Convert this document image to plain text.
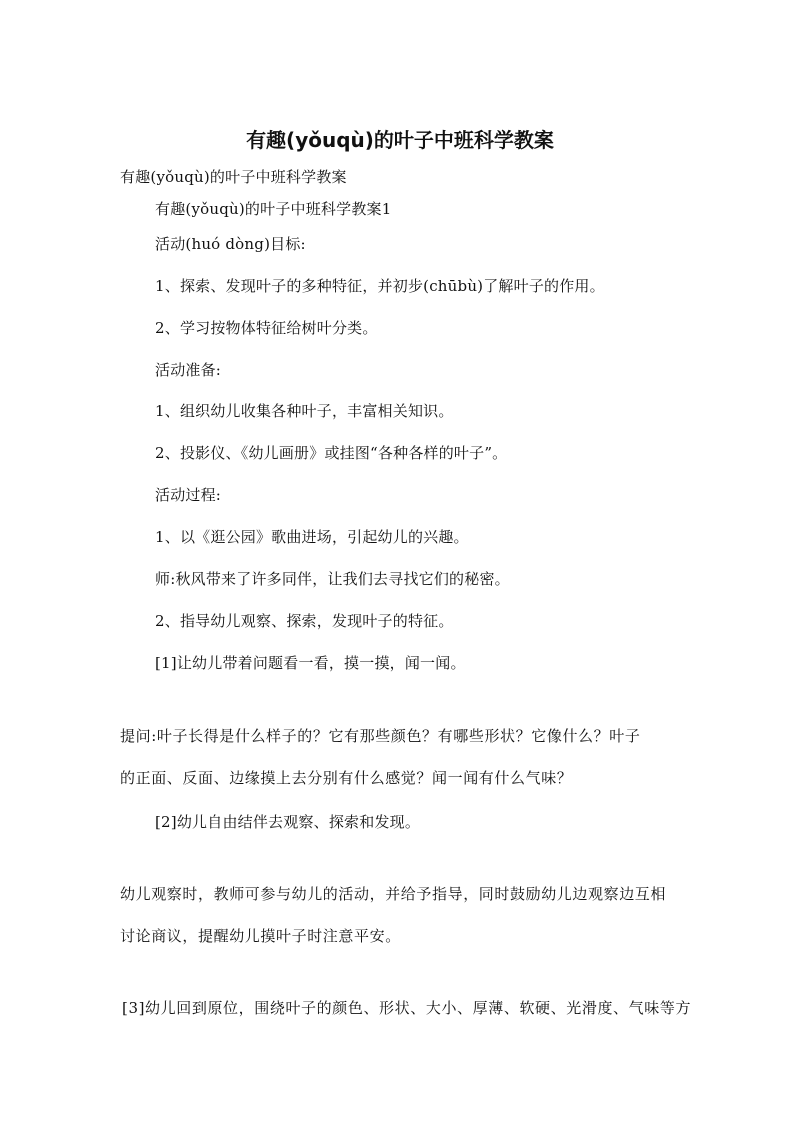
有趣(yǒuqù)的叶子中班科学教案
有趣(yǒuqù)的叶子中班科学教案
有趣(yǒuqù)的叶子中班科学教案1
活动(huó dòng)目标:
1、探索、发现叶子的多种特征，并初步(chūbù)了解叶子的作用。
2、学习按物体特征给树叶分类。
活动准备:
1、组织幼儿收集各种叶子，丰富相关知识。
2、投影仪、《幼儿画册》或挂图“各种各样的叶子”。
活动过程:
1、以《逛公园》歌曲进场，引起幼儿的兴趣。
师:秋风带来了许多同伴，让我们去寻找它们的秘密。
2、指导幼儿观察、探索，发现叶子的特征。
[1]让幼儿带着问题看一看，摸一摸，闻一闻。
提问:叶子长得是什么样子的？它有那些颜色？有哪些形状？它像什么？叶子
的正面、反面、边缘摸上去分别有什么感觉？闻一闻有什么气味？
[2]幼儿自由结伴去观察、探索和发现。
幼儿观察时，教师可参与幼儿的活动，并给予指导，同时鼓励幼儿边观察边互相
讨论商议，提醒幼儿摸叶子时注意平安。
[3]幼儿回到原位，围绕叶子的颜色、形状、大小、厚薄、软硬、光滑度、气味等方
